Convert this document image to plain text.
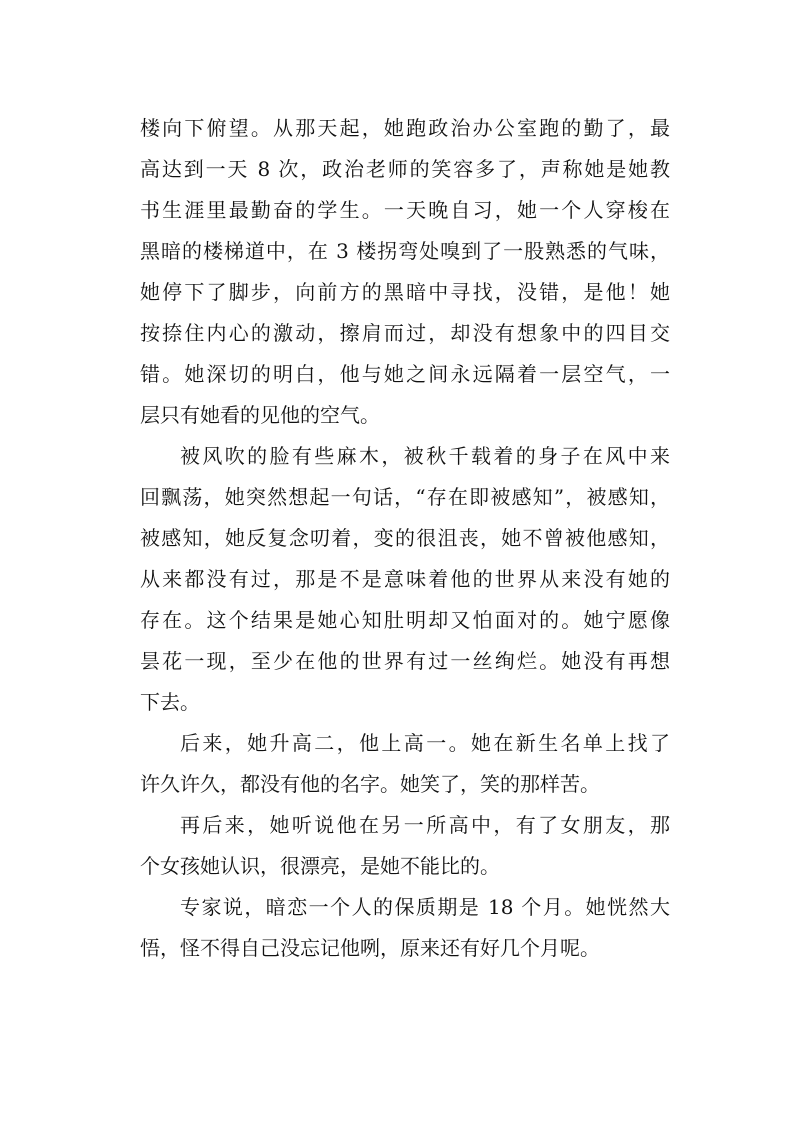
楼向下俯望。从那天起，她跑政治办公室跑的勤了，最
高达到一天 8 次，政治老师的笑容多了，声称她是她教
书生涯里最勤奋的学生。一天晚自习，她一个人穿梭在
黑暗的楼梯道中，在 3 楼拐弯处嗅到了一股熟悉的气味，
她停下了脚步，向前方的黑暗中寻找，没错，是他！她
按捺住内心的激动，擦肩而过，却没有想象中的四目交
错。她深切的明白，他与她之间永远隔着一层空气，一
层只有她看的见他的空气。
被风吹的脸有些麻木，被秋千载着的身子在风中来
回飘荡，她突然想起一句话，“存在即被感知”，被感知，
被感知，她反复念叨着，变的很沮丧，她不曾被他感知，
从来都没有过，那是不是意味着他的世界从来没有她的
存在。这个结果是她心知肚明却又怕面对的。她宁愿像
昙花一现，至少在他的世界有过一丝绚烂。她没有再想
下去。
后来，她升高二，他上高一。她在新生名单上找了
许久许久，都没有他的名字。她笑了，笑的那样苦。
再后来，她听说他在另一所高中，有了女朋友，那
个女孩她认识，很漂亮，是她不能比的。
专家说，暗恋一个人的保质期是 18 个月。她恍然大
悟，怪不得自己没忘记他咧，原来还有好几个月呢。
